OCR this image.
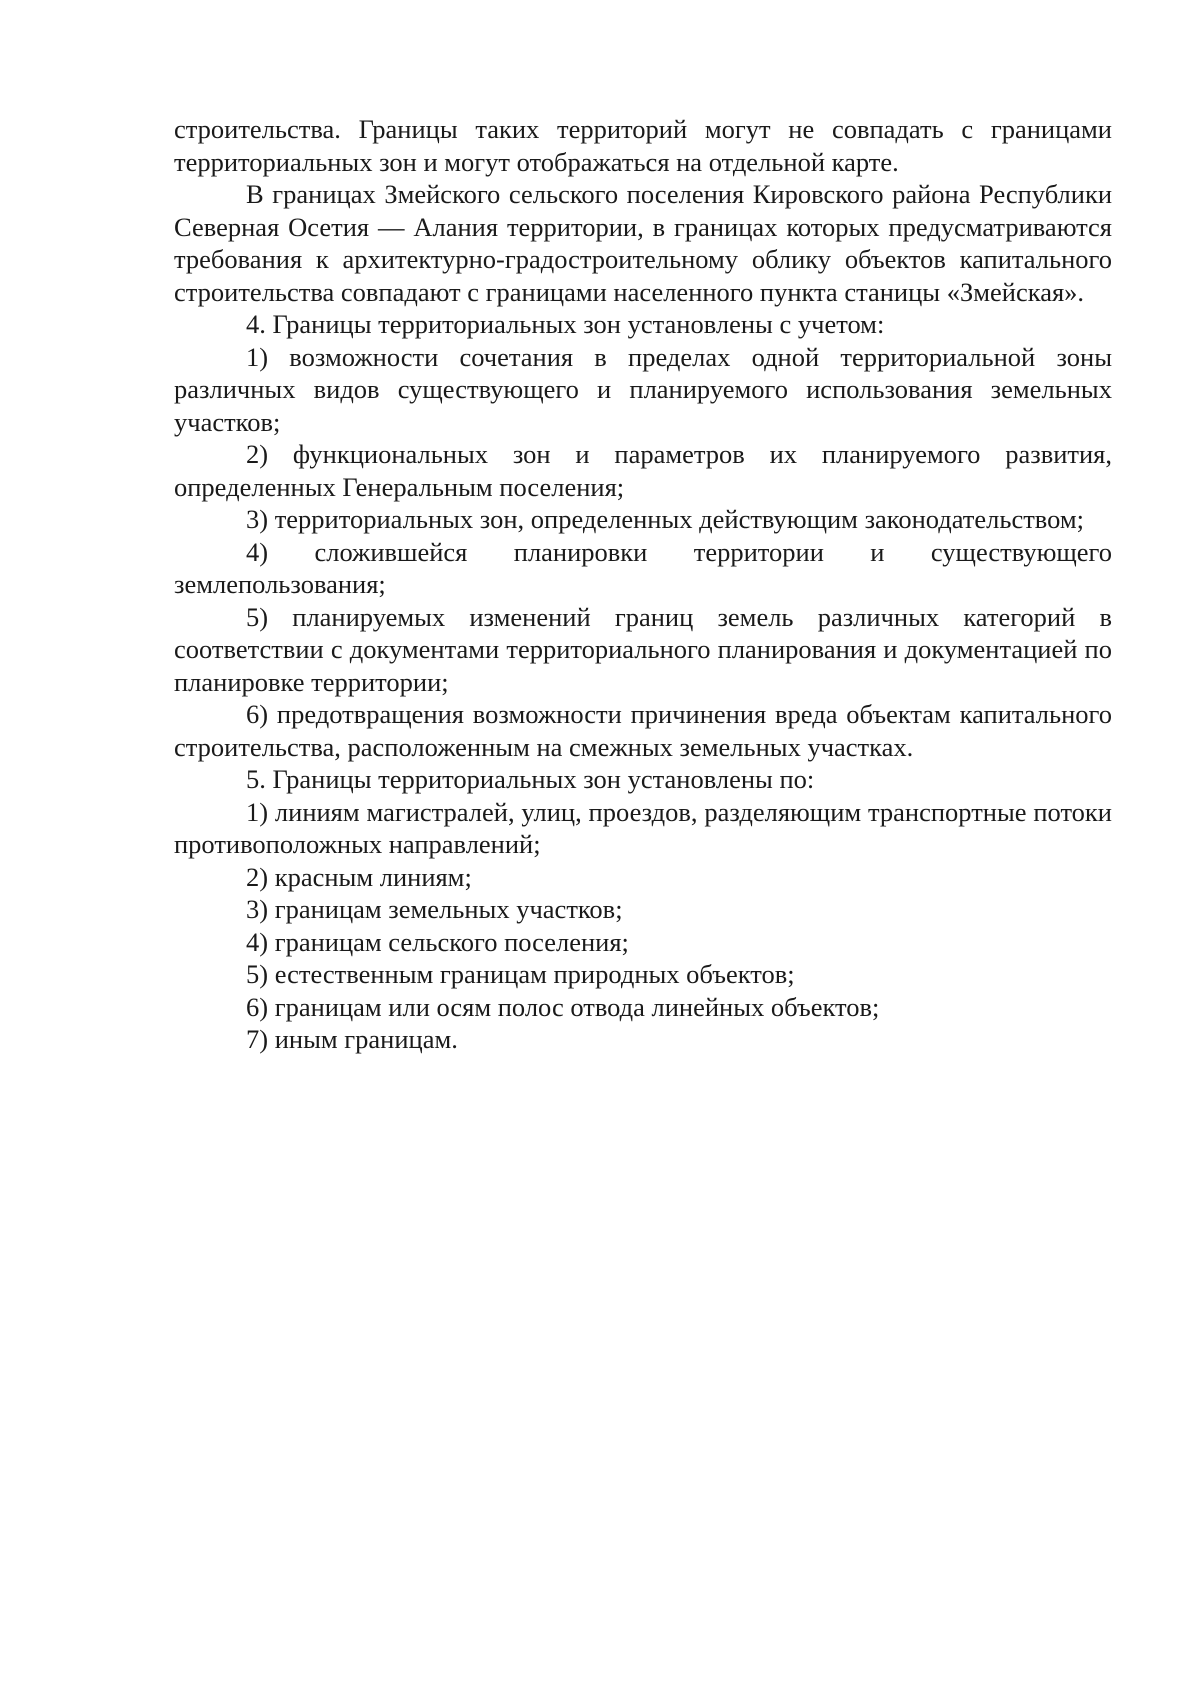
строительства. Границы таких территорий могут не совпадать с границами территориальных зон и могут отображаться на отдельной карте.

В границах Змейского сельского поселения Кировского района Республики Северная Осетия — Алания территории, в границах которых предусматриваются требования к архитектурно-градостроительному облику объектов капитального строительства совпадают с границами населенного пункта станицы «Змейская».

4. Границы территориальных зон установлены с учетом:

1) возможности сочетания в пределах одной территориальной зоны различных видов существующего и планируемого использования земельных участков;

2) функциональных зон и параметров их планируемого развития, определенных Генеральным поселения;

3) территориальных зон, определенных действующим законодательством;

4) сложившейся планировки территории и существующего землепользования;

5) планируемых изменений границ земель различных категорий в соответствии с документами территориального планирования и документацией по планировке территории;

6) предотвращения возможности причинения вреда объектам капитального строительства, расположенным на смежных земельных участках.

5. Границы территориальных зон установлены по:

1) линиям магистралей, улиц, проездов, разделяющим транспортные потоки противоположных направлений;

2) красным линиям;

3) границам земельных участков;

4) границам сельского поселения;

5) естественным границам природных объектов;

6) границам или осям полос отвода линейных объектов;

7) иным границам.
